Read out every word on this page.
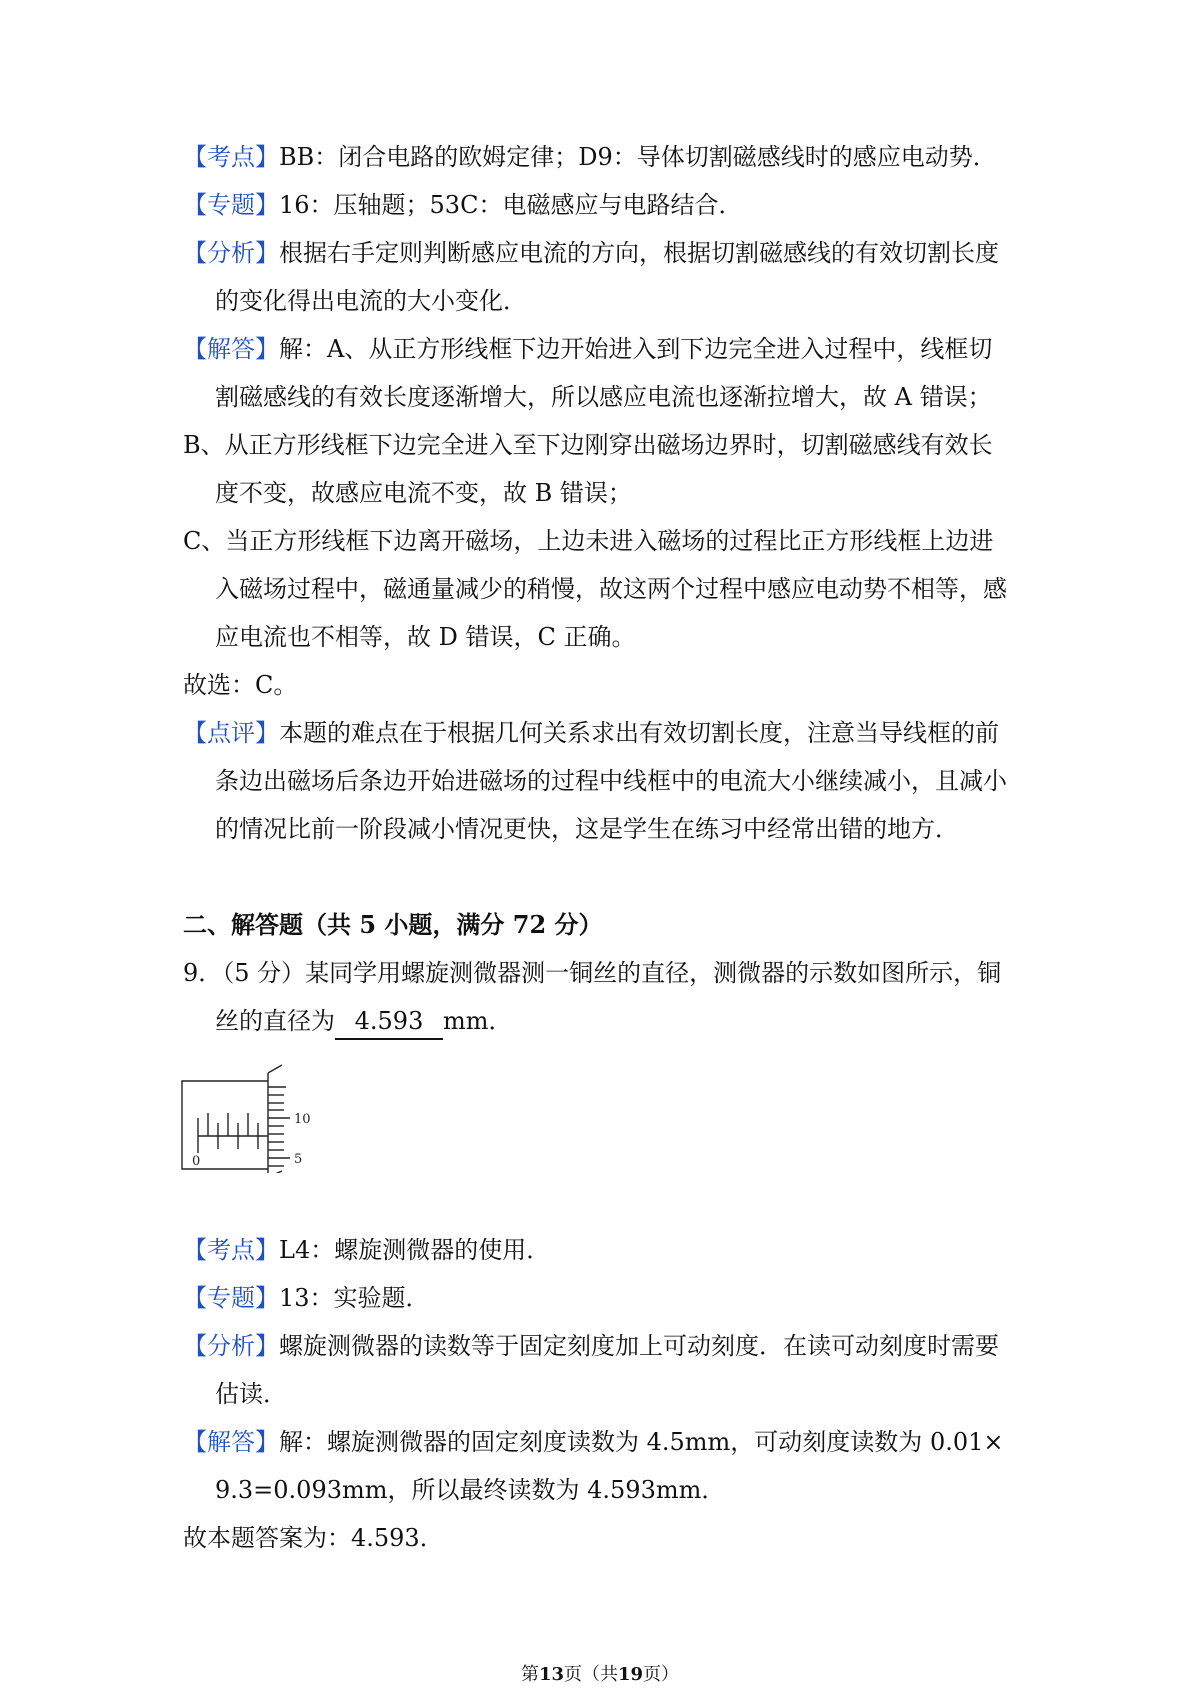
【考点】BB：闭合电路的欧姆定律；D9：导体切割磁感线时的感应电动势．
【专题】16：压轴题；53C：电磁感应与电路结合．
【分析】根据右手定则判断感应电流的方向，根据切割磁感线的有效切割长度
的变化得出电流的大小变化．
【解答】解：A、从正方形线框下边开始进入到下边完全进入过程中，线框切
割磁感线的有效长度逐渐增大，所以感应电流也逐渐拉增大，故 A 错误；
B、从正方形线框下边完全进入至下边刚穿出磁场边界时，切割磁感线有效长
度不变，故感应电流不变，故 B 错误；
C、当正方形线框下边离开磁场，上边未进入磁场的过程比正方形线框上边进
入磁场过程中，磁通量减少的稍慢，故这两个过程中感应电动势不相等，感
应电流也不相等，故 D 错误，C 正确。
故选：C。
【点评】本题的难点在于根据几何关系求出有效切割长度，注意当导线框的前
条边出磁场后条边开始进磁场的过程中线框中的电流大小继续减小，且减小
的情况比前一阶段减小情况更快，这是学生在练习中经常出错的地方．
二、解答题（共 5 小题，满分 72 分）
9．（5 分）某同学用螺旋测微器测一铜丝的直径，测微器的示数如图所示，铜
丝的直径为 4.593 mm．
10
5
0
【考点】L4：螺旋测微器的使用．
【专题】13：实验题．
【分析】螺旋测微器的读数等于固定刻度加上可动刻度．在读可动刻度时需要
估读．
【解答】解：螺旋测微器的固定刻度读数为 4.5mm，可动刻度读数为 0.01×
9.3=0.093mm，所以最终读数为 4.593mm．
故本题答案为：4.593．
第13页（共19页）
